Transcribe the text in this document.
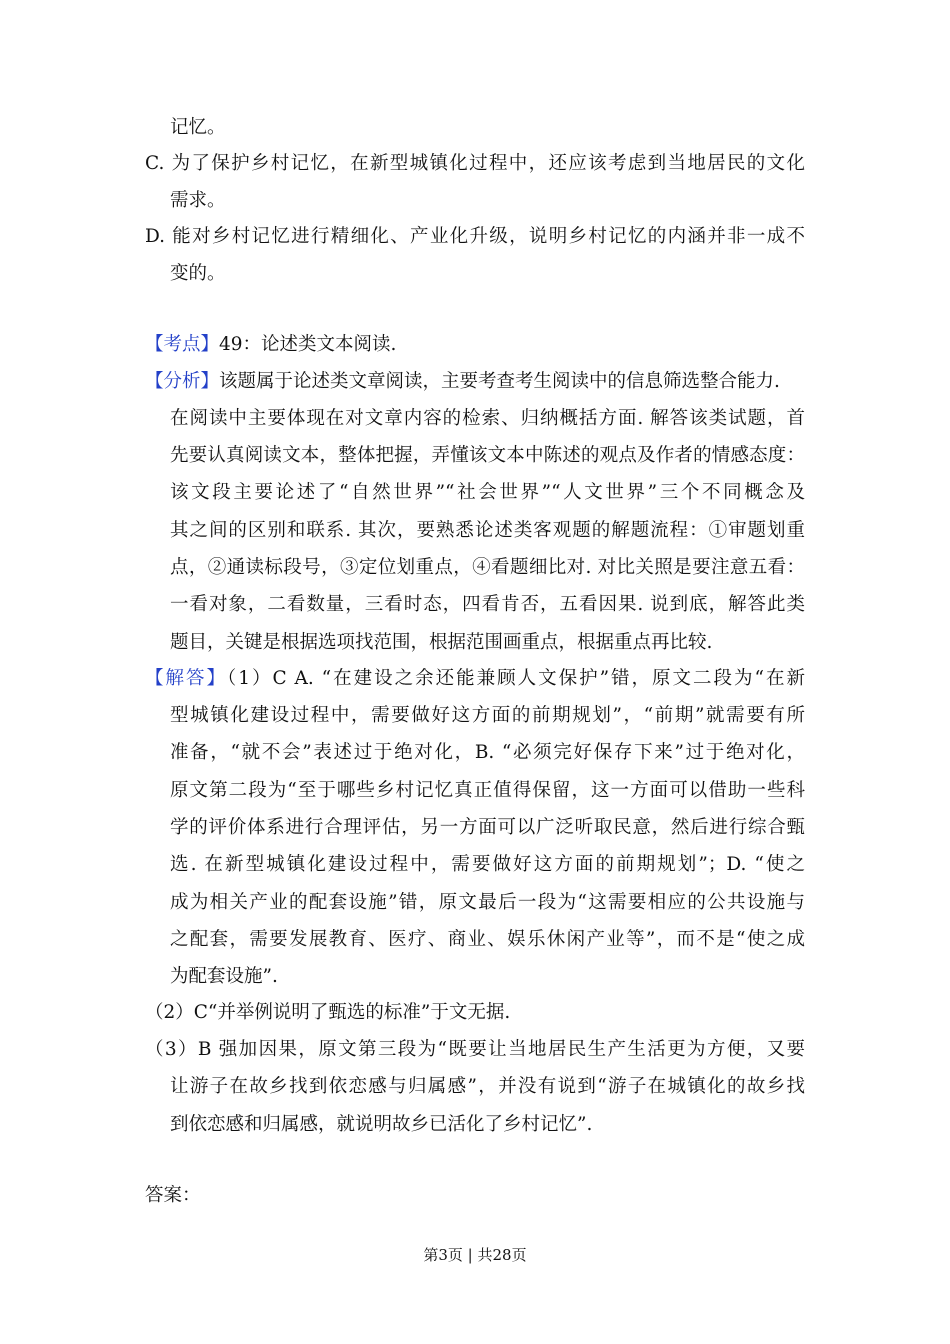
记忆。
C. 为了保护乡村记忆，在新型城镇化过程中，还应该考虑到当地居民的文化
需求。
D. 能对乡村记忆进行精细化、产业化升级，说明乡村记忆的内涵并非一成不
变的。
【考点】49：论述类文本阅读.
【分析】该题属于论述类文章阅读，主要考查考生阅读中的信息筛选整合能力.
在阅读中主要体现在对文章内容的检索、归纳概括方面. 解答该类试题，首
先要认真阅读文本，整体把握，弄懂该文本中陈述的观点及作者的情感态度：
该文段主要论述了“自然世界”“社会世界”“人文世界”三个不同概念及
其之间的区别和联系. 其次，要熟悉论述类客观题的解题流程：①审题划重
点，②通读标段号，③定位划重点，④看题细比对. 对比关照是要注意五看：
一看对象，二看数量，三看时态，四看肯否，五看因果. 说到底，解答此类
题目，关键是根据选项找范围，根据范围画重点，根据重点再比较.
【解答】（1）C A. “在建设之余还能兼顾人文保护”错，原文二段为“在新
型城镇化建设过程中，需要做好这方面的前期规划”，“前期”就需要有所
准备，“就不会”表述过于绝对化，B. “必须完好保存下来”过于绝对化，
原文第二段为“至于哪些乡村记忆真正值得保留，这一方面可以借助一些科
学的评价体系进行合理评估，另一方面可以广泛听取民意，然后进行综合甄
选. 在新型城镇化建设过程中，需要做好这方面的前期规划”；D. “使之
成为相关产业的配套设施”错，原文最后一段为“这需要相应的公共设施与
之配套，需要发展教育、医疗、商业、娱乐休闲产业等”，而不是“使之成
为配套设施”.
（2）C“并举例说明了甄选的标准”于文无据.
（3）B 强加因果，原文第三段为“既要让当地居民生产生活更为方便，又要
让游子在故乡找到依恋感与归属感”，并没有说到“游子在城镇化的故乡找
到依恋感和归属感，就说明故乡已活化了乡村记忆”.
答案：
第3页 | 共28页
